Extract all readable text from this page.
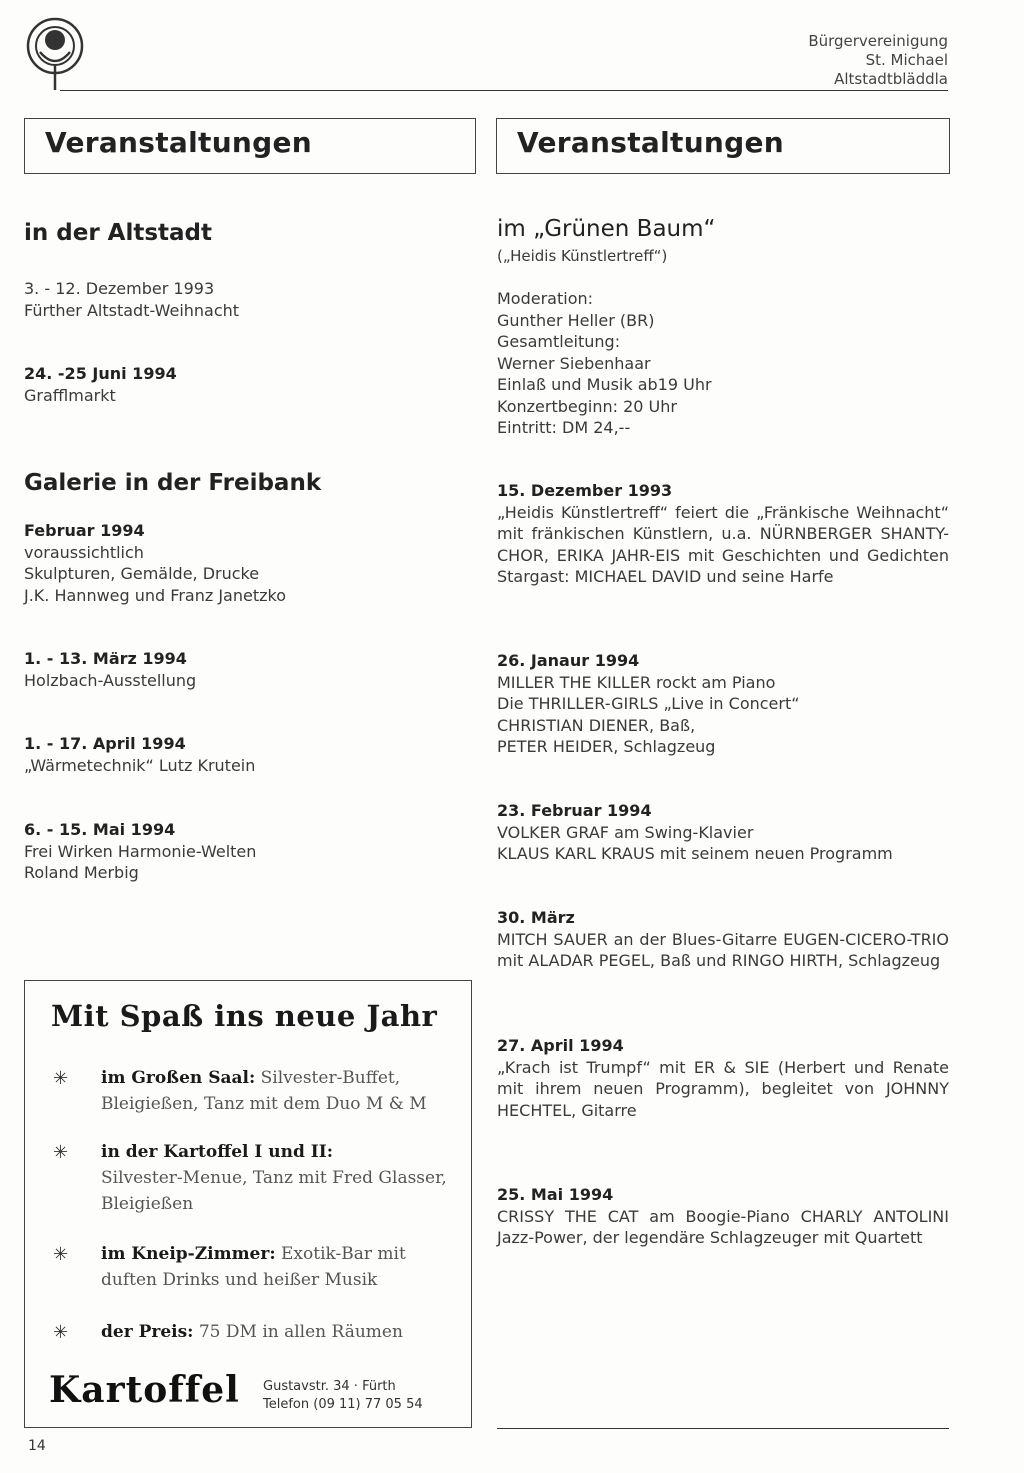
Bürgervereinigung
St. Michael
Altstadtbläddla
Veranstaltungen	Veranstaltungen
in der Altstadt
3. - 12. Dezember 1993
Fürther Altstadt-Weihnacht
24. -25 Juni 1994
Grafflmarkt
Galerie in der Freibank
Februar 1994
voraussichtlich
Skulpturen, Gemälde, Drucke
J.K. Hannweg und Franz Janetzko
1. - 13. März 1994
Holzbach-Ausstellung
1. - 17. April 1994
„Wärmetechnik“ Lutz Krutein
6. - 15. Mai 1994
Frei Wirken Harmonie-Welten
Roland Merbig
Mit Spaß ins neue Jahr
✳ im Großen Saal: Silvester-Buffet, Bleigießen, Tanz mit dem Duo M & M
✳ in der Kartoffel I und II:
Silvester-Menue, Tanz mit Fred Glasser, Bleigießen
✳ im Kneip-Zimmer: Exotik-Bar mit duften Drinks und heißer Musik
✳ der Preis: 75 DM in allen Räumen
Kartoffel Gustavstr. 34 · Fürth
Telefon (09 11) 77 05 54
im „Grünen Baum“
(„Heidis Künstlertreff“)
Moderation:
Gunther Heller (BR)
Gesamtleitung:
Werner Siebenhaar
Einlaß und Musik ab19 Uhr
Konzertbeginn: 20 Uhr
Eintritt: DM 24,--
15. Dezember 1993
„Heidis Künstlertreff“ feiert die „Fränkische Weihnacht“ mit fränkischen Künstlern, u.a. NÜRNBERGER SHANTY-CHOR, ERIKA JAHR-EIS mit Geschichten und Gedichten Stargast: MICHAEL DAVID und seine Harfe
26. Janaur 1994
MILLER THE KILLER rockt am Piano
Die THRILLER-GIRLS „Live in Concert“
CHRISTIAN DIENER, Baß,
PETER HEIDER, Schlagzeug
23. Februar 1994
VOLKER GRAF am Swing-Klavier
KLAUS KARL KRAUS mit seinem neuen Programm
30. März
MITCH SAUER an der Blues-Gitarre EUGEN-CICERO-TRIO mit ALADAR PEGEL, Baß und RINGO HIRTH, Schlagzeug
27. April 1994
„Krach ist Trumpf“ mit ER & SIE (Herbert und Renate mit ihrem neuen Programm), begleitet von JOHNNY HECHTEL, Gitarre
25. Mai 1994
CRISSY THE CAT am Boogie-Piano CHARLY ANTOLINI Jazz-Power, der legendäre Schlagzeuger mit Quartett
14
